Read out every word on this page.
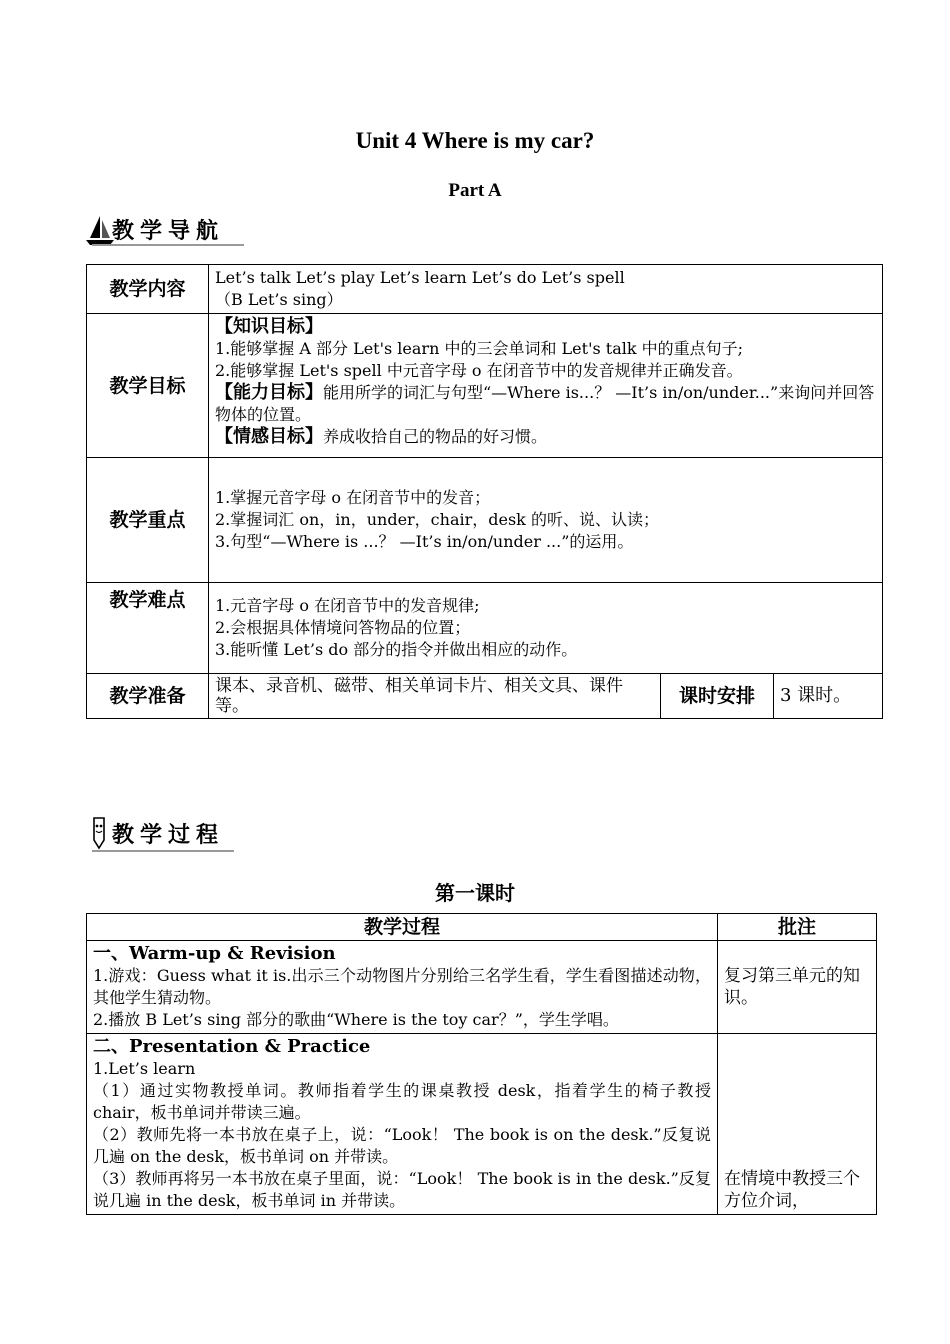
Unit 4 Where is my car?
Part A
教学导航
教学内容	Let’s talk Let’s play Let’s learn Let’s do Let’s spell
（B Let’s sing）		

教学目标	【知识目标】
1.能够掌握 A 部分 Let's learn 中的三会单词和 Let's talk 中的重点句子;
2.能够掌握 Let's spell 中元音字母 o 在闭音节中的发音规律并正确发音。
【能力目标】能用所学的词汇与句型“—Where is...？ —It’s in/on/under...”来询问并回答物体的位置。
【情感目标】养成收拾自己的物品的好习惯。		

教学重点	1.掌握元音字母 o 在闭音节中的发音；
2.掌握词汇 on，in，under，chair，desk 的听、说、认读；
3.句型“—Where is ...？ —It’s in/on/under ...”的运用。		

教学难点	1.元音字母 o 在闭音节中的发音规律;
2.会根据具体情境问答物品的位置；
3.能听懂 Let’s do 部分的指令并做出相应的动作。		

教学准备	课本、录音机、磁带、相关单词卡片、相关文具、课件等。	课时安排	3 课时。
教学过程
第一课时
教学过程	批注

一、Warm-up & Revision
1.游戏：Guess what it is.出示三个动物图片分别给三名学生看，学生看图描述动物，其他学生猜动物。
2.播放 B Let’s sing 部分的歌曲“Where is the toy car？”，学生学唱。	复习第三单元的知识。

二、Presentation & Practice
1.Let’s learn
（1）通过实物教授单词。教师指着学生的课桌教授 desk，指着学生的椅子教授 chair，板书单词并带读三遍。
（2）教师先将一本书放在桌子上，说：“Look！ The book is on the desk.”反复说几遍 on the desk，板书单词 on 并带读。
（3）教师再将另一本书放在桌子里面，说：“Look！ The book is in the desk.”反复说几遍 in the desk，板书单词 in 并带读。	在情境中教授三个方位介词，
